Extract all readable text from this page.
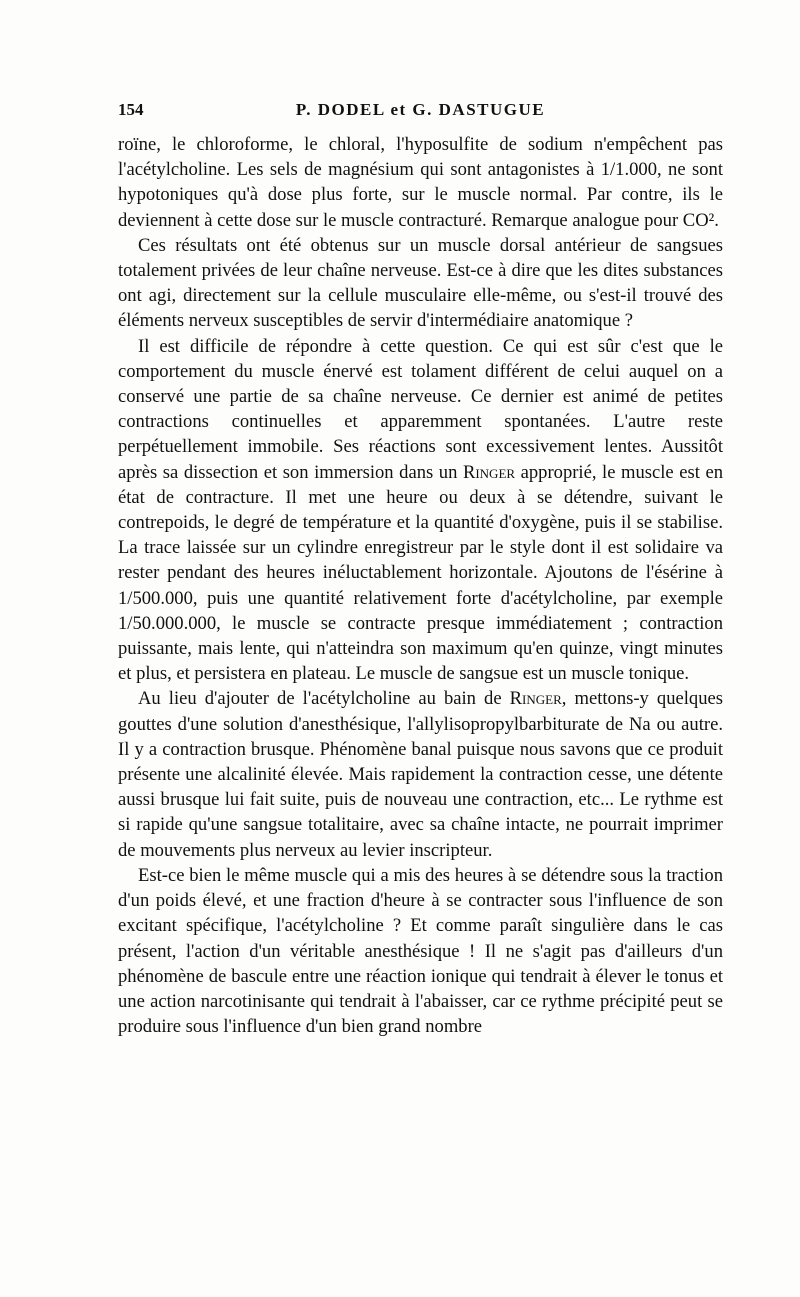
154	P. DODEL et G. DASTUGUE

roïne, le chloroforme, le chloral, l'hyposulfite de sodium n'empêchent pas l'acétylcholine. Les sels de magnésium qui sont antagonistes à 1/1.000, ne sont hypotoniques qu'à dose plus forte, sur le muscle normal. Par contre, ils le deviennent à cette dose sur le muscle contracturé. Remarque analogue pour CO².

Ces résultats ont été obtenus sur un muscle dorsal antérieur de sangsues totalement privées de leur chaîne nerveuse. Est-ce à dire que les dites substances ont agi, directement sur la cellule musculaire elle-même, ou s'est-il trouvé des éléments nerveux susceptibles de servir d'intermédiaire anatomique ?

Il est difficile de répondre à cette question. Ce qui est sûr c'est que le comportement du muscle énervé est tolament différent de celui auquel on a conservé une partie de sa chaîne nerveuse. Ce dernier est animé de petites contractions continuelles et apparemment spontanées. L'autre reste perpétuellement immobile. Ses réactions sont excessivement lentes. Aussitôt après sa dissection et son immersion dans un Ringer approprié, le muscle est en état de contracture. Il met une heure ou deux à se détendre, suivant le contrepoids, le degré de température et la quantité d'oxygène, puis il se stabilise. La trace laissée sur un cylindre enregistreur par le style dont il est solidaire va rester pendant des heures inéluctablement horizontale. Ajoutons de l'ésérine à 1/500.000, puis une quantité relativement forte d'acétylcholine, par exemple 1/50.000.000, le muscle se contracte presque immédiatement ; contraction puissante, mais lente, qui n'atteindra son maximum qu'en quinze, vingt minutes et plus, et persistera en plateau. Le muscle de sangsue est un muscle tonique.

Au lieu d'ajouter de l'acétylcholine au bain de Ringer, mettons-y quelques gouttes d'une solution d'anesthésique, l'allylisopropylbarbiturate de Na ou autre. Il y a contraction brusque. Phénomène banal puisque nous savons que ce produit présente une alcalinité élevée. Mais rapidement la contraction cesse, une détente aussi brusque lui fait suite, puis de nouveau une contraction, etc... Le rythme est si rapide qu'une sangsue totalitaire, avec sa chaîne intacte, ne pourrait imprimer de mouvements plus nerveux au levier inscripteur.

Est-ce bien le même muscle qui a mis des heures à se détendre sous la traction d'un poids élevé, et une fraction d'heure à se contracter sous l'influence de son excitant spécifique, l'acétylcholine ? Et comme paraît singulière dans le cas présent, l'action d'un véritable anesthésique ! Il ne s'agit pas d'ailleurs d'un phénomène de bascule entre une réaction ionique qui tendrait à élever le tonus et une action narcotinisante qui tendrait à l'abaisser, car ce rythme précipité peut se produire sous l'influence d'un bien grand nombre
